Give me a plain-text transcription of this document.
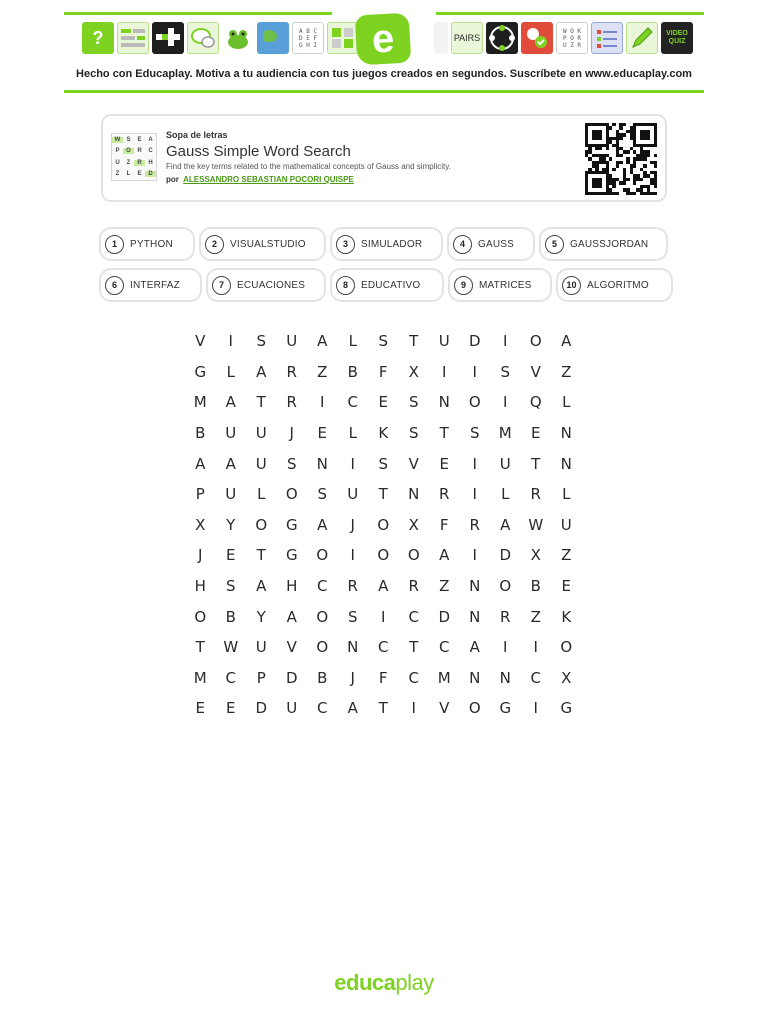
?	A B C
D E F
G H I	e	PAIRS
W O K
P O R
U Z R
VIDEO
QUIZ
Hecho con Educaplay. Motiva a tu audiencia con tus juegos creados en segundos. Suscríbete en www.educaplay.com
W	S	E	A
P	O	R	C
U	Z	R	H
Z	L	E	D
Sopa de letras
Gauss Simple Word Search
Find the key terms related to the mathematical concepts of Gauss and simplicity.
por ALESSANDRO SEBASTIAN POCORI QUISPE
1	PYTHON	2	VISUALSTUDIO	3	SIMULADOR	4	GAUSS	5	GAUSSJORDAN
6	INTERFAZ	7	ECUACIONES	8	EDUCATIVO	9	MATRICES	10	ALGORITMO
V	I	S	U	A	L	S	T	U	D	I	O	A
G	L	A	R	Z	B	F	X	I	I	S	V	Z
M	A	T	R	I	C	E	S	N	O	I	Q	L
B	U	U	J	E	L	K	S	T	S	M	E	N
A	A	U	S	N	I	S	V	E	I	U	T	N
P	U	L	O	S	U	T	N	R	I	L	R	L
X	Y	O	G	A	J	O	X	F	R	A	W	U
J	E	T	G	O	I	O	O	A	I	D	X	Z
H	S	A	H	C	R	A	R	Z	N	O	B	E
O	B	Y	A	O	S	I	C	D	N	R	Z	K
T	W	U	V	O	N	C	T	C	A	I	I	O
M	C	P	D	B	J	F	C	M	N	N	C	X
E	E	D	U	C	A	T	I	V	O	G	I	G
educaplay
